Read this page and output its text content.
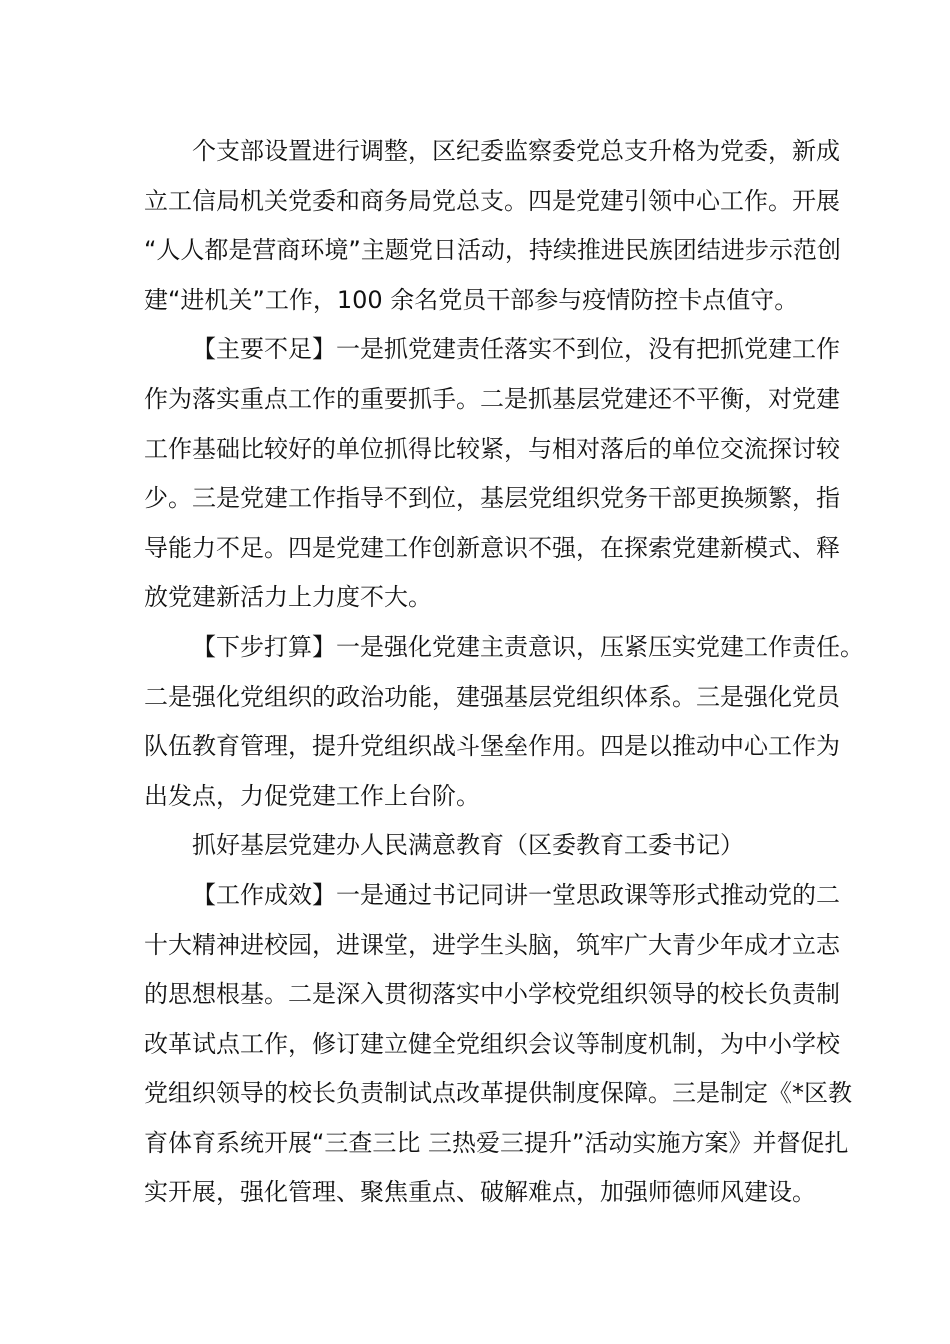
个支部设置进行调整，区纪委监察委党总支升格为党委，新成
立工信局机关党委和商务局党总支。四是党建引领中心工作。开展
“人人都是营商环境”主题党日活动，持续推进民族团结进步示范创
建“进机关”工作，100 余名党员干部参与疫情防控卡点值守。
【主要不足】一是抓党建责任落实不到位，没有把抓党建工作
作为落实重点工作的重要抓手。二是抓基层党建还不平衡，对党建
工作基础比较好的单位抓得比较紧，与相对落后的单位交流探讨较
少。三是党建工作指导不到位，基层党组织党务干部更换频繁，指
导能力不足。四是党建工作创新意识不强，在探索党建新模式、释
放党建新活力上力度不大。
【下步打算】一是强化党建主责意识，压紧压实党建工作责任。
二是强化党组织的政治功能，建强基层党组织体系。三是强化党员
队伍教育管理，提升党组织战斗堡垒作用。四是以推动中心工作为
出发点，力促党建工作上台阶。
抓好基层党建办人民满意教育（区委教育工委书记）
【工作成效】一是通过书记同讲一堂思政课等形式推动党的二
十大精神进校园，进课堂，进学生头脑，筑牢广大青少年成才立志
的思想根基。二是深入贯彻落实中小学校党组织领导的校长负责制
改革试点工作，修订建立健全党组织会议等制度机制，为中小学校
党组织领导的校长负责制试点改革提供制度保障。三是制定《*区教
育体育系统开展“三查三比 三热爱三提升”活动实施方案》并督促扎
实开展，强化管理、聚焦重点、破解难点，加强师德师风建设。
